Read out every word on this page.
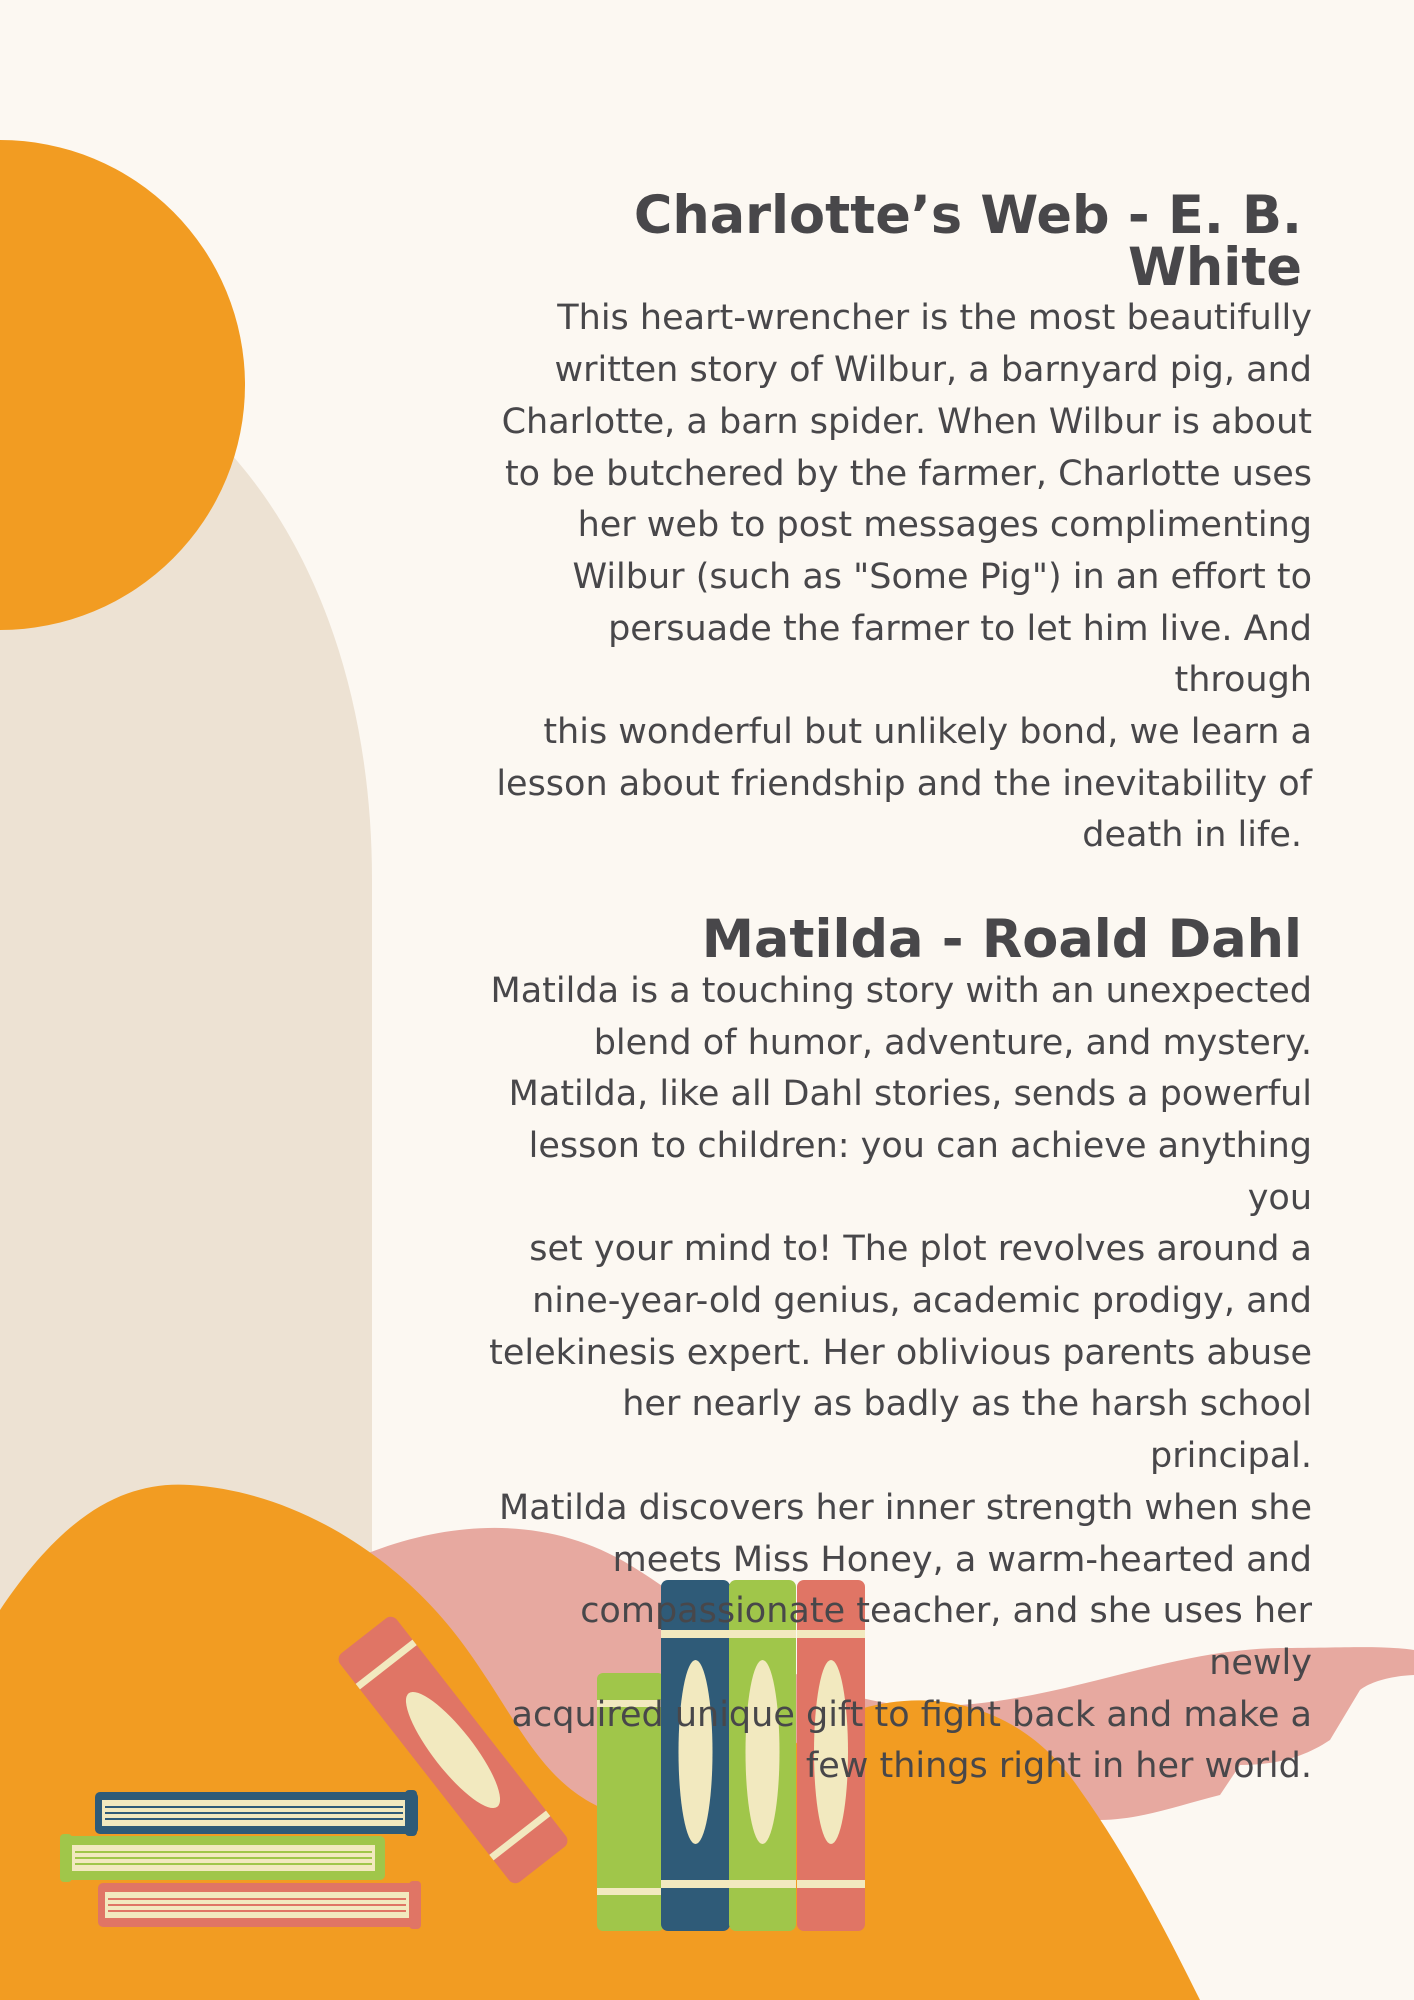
Charlotte’s Web - E. B. White

This heart-wrencher is the most beautifully
written story of Wilbur, a barnyard pig, and
Charlotte, a barn spider. When Wilbur is about
to be butchered by the farmer, Charlotte uses
her web to post messages complimenting
Wilbur (such as "Some Pig") in an effort to
persuade the farmer to let him live. And through
this wonderful but unlikely bond, we learn a
lesson about friendship and the inevitability of
death in life.

Matilda - Roald Dahl

Matilda is a touching story with an unexpected
blend of humor, adventure, and mystery.
Matilda, like all Dahl stories, sends a powerful
lesson to children: you can achieve anything you
set your mind to! The plot revolves around a
nine-year-old genius, academic prodigy, and
telekinesis expert. Her oblivious parents abuse
her nearly as badly as the harsh school principal.
Matilda discovers her inner strength when she
meets Miss Honey, a warm-hearted and
compassionate teacher, and she uses her newly
acquired unique gift to fight back and make a
few things right in her world.
